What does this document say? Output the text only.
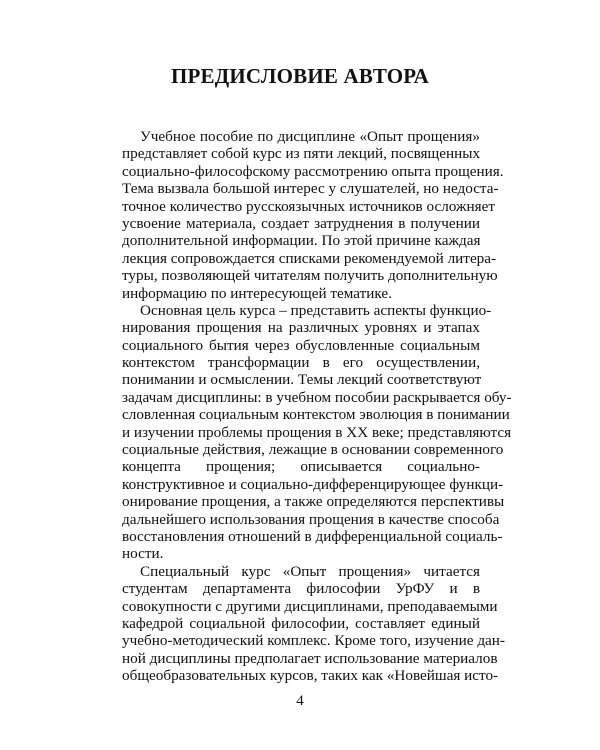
ПРЕДИСЛОВИЕ АВТОРА
Учебное пособие по дисциплине «Опыт прощения»
представляет собой курс из пяти лекций, посвященных
социально-философскому рассмотрению опыта прощения.
Тема вызвала большой интерес у слушателей, но недоста-
точное количество русскоязычных источников осложняет
усвоение материала, создает затруднения в получении
дополнительной информации. По этой причине каждая
лекция сопровождается списками рекомендуемой литера-
туры, позволяющей читателям получить дополнительную
информацию по интересующей тематике.
Основная цель курса – представить аспекты функцио-
нирования прощения на различных уровнях и этапах
социального бытия через обусловленные социальным
контекстом трансформации в его осуществлении,
понимании и осмыслении. Темы лекций соответствуют
задачам дисциплины: в учебном пособии раскрывается обу-
словленная социальным контекстом эволюция в понимании
и изучении проблемы прощения в XX веке; представляются
социальные действия, лежащие в основании современного
концепта прощения; описывается социально-
конструктивное и социально-дифференцирующее функци-
онирование прощения, а также определяются перспективы
дальнейшего использования прощения в качестве способа
восстановления отношений в дифференциальной социаль-
ности.
Специальный курс «Опыт прощения» читается
студентам департамента философии УрФУ и в
совокупности с другими дисциплинами, преподаваемыми
кафедрой социальной философии, составляет единый
учебно-методический комплекс. Кроме того, изучение дан-
ной дисциплины предполагает использование материалов
общеобразовательных курсов, таких как «Новейшая исто-
4
